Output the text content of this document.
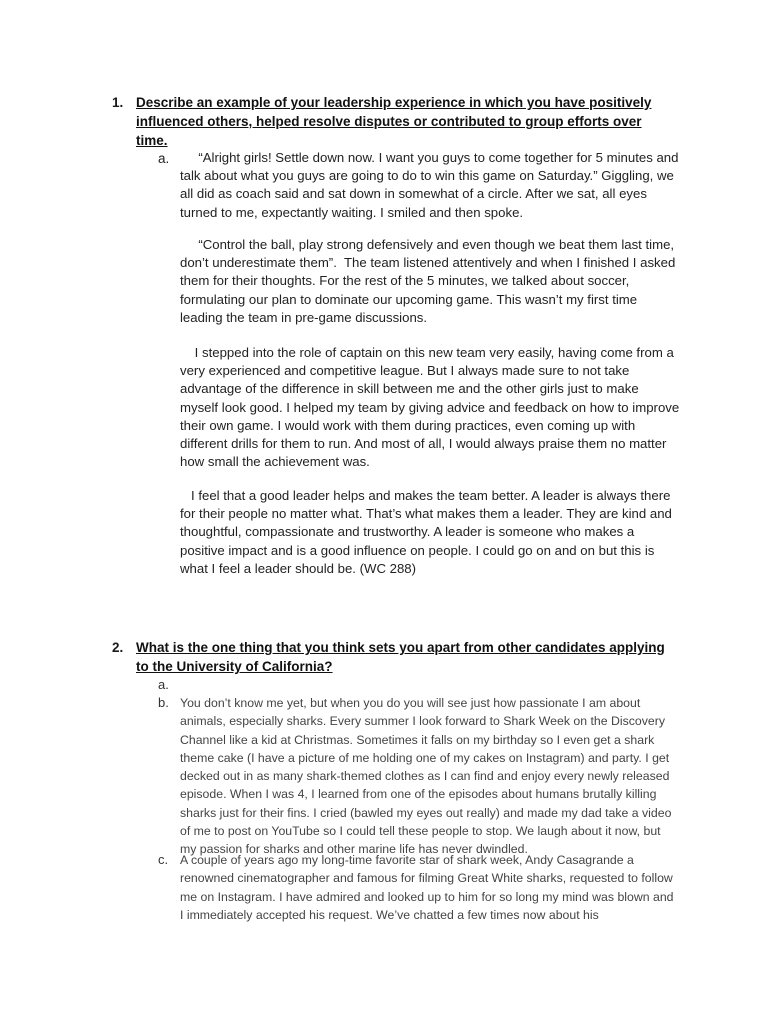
1. Describe an example of your leadership experience in which you have positively influenced others, helped resolve disputes or contributed to group efforts over time.
a. “Alright girls! Settle down now. I want you guys to come together for 5 minutes and talk about what you guys are going to do to win this game on Saturday.” Giggling, we all did as coach said and sat down in somewhat of a circle. After we sat, all eyes turned to me, expectantly waiting. I smiled and then spoke.
“Control the ball, play strong defensively and even though we beat them last time, don’t underestimate them”.  The team listened attentively and when I finished I asked them for their thoughts. For the rest of the 5 minutes, we talked about soccer, formulating our plan to dominate our upcoming game. This wasn’t my first time leading the team in pre-game discussions.
I stepped into the role of captain on this new team very easily, having come from a very experienced and competitive league. But I always made sure to not take advantage of the difference in skill between me and the other girls just to make myself look good. I helped my team by giving advice and feedback on how to improve their own game. I would work with them during practices, even coming up with different drills for them to run. And most of all, I would always praise them no matter how small the achievement was.
I feel that a good leader helps and makes the team better. A leader is always there for their people no matter what. That’s what makes them a leader. They are kind and thoughtful, compassionate and trustworthy. A leader is someone who makes a positive impact and is a good influence on people. I could go on and on but this is what I feel a leader should be. (WC 288)
2. What is the one thing that you think sets you apart from other candidates applying to the University of California?
a.
b. You don’t know me yet, but when you do you will see just how passionate I am about animals, especially sharks. Every summer I look forward to Shark Week on the Discovery Channel like a kid at Christmas. Sometimes it falls on my birthday so I even get a shark theme cake (I have a picture of me holding one of my cakes on Instagram) and party. I get decked out in as many shark-themed clothes as I can find and enjoy every newly released episode. When I was 4, I learned from one of the episodes about humans brutally killing sharks just for their fins. I cried (bawled my eyes out really) and made my dad take a video of me to post on YouTube so I could tell these people to stop. We laugh about it now, but my passion for sharks and other marine life has never dwindled.
c. A couple of years ago my long-time favorite star of shark week, Andy Casagrande a renowned cinematographer and famous for filming Great White sharks, requested to follow me on Instagram. I have admired and looked up to him for so long my mind was blown and I immediately accepted his request. We’ve chatted a few times now about his
